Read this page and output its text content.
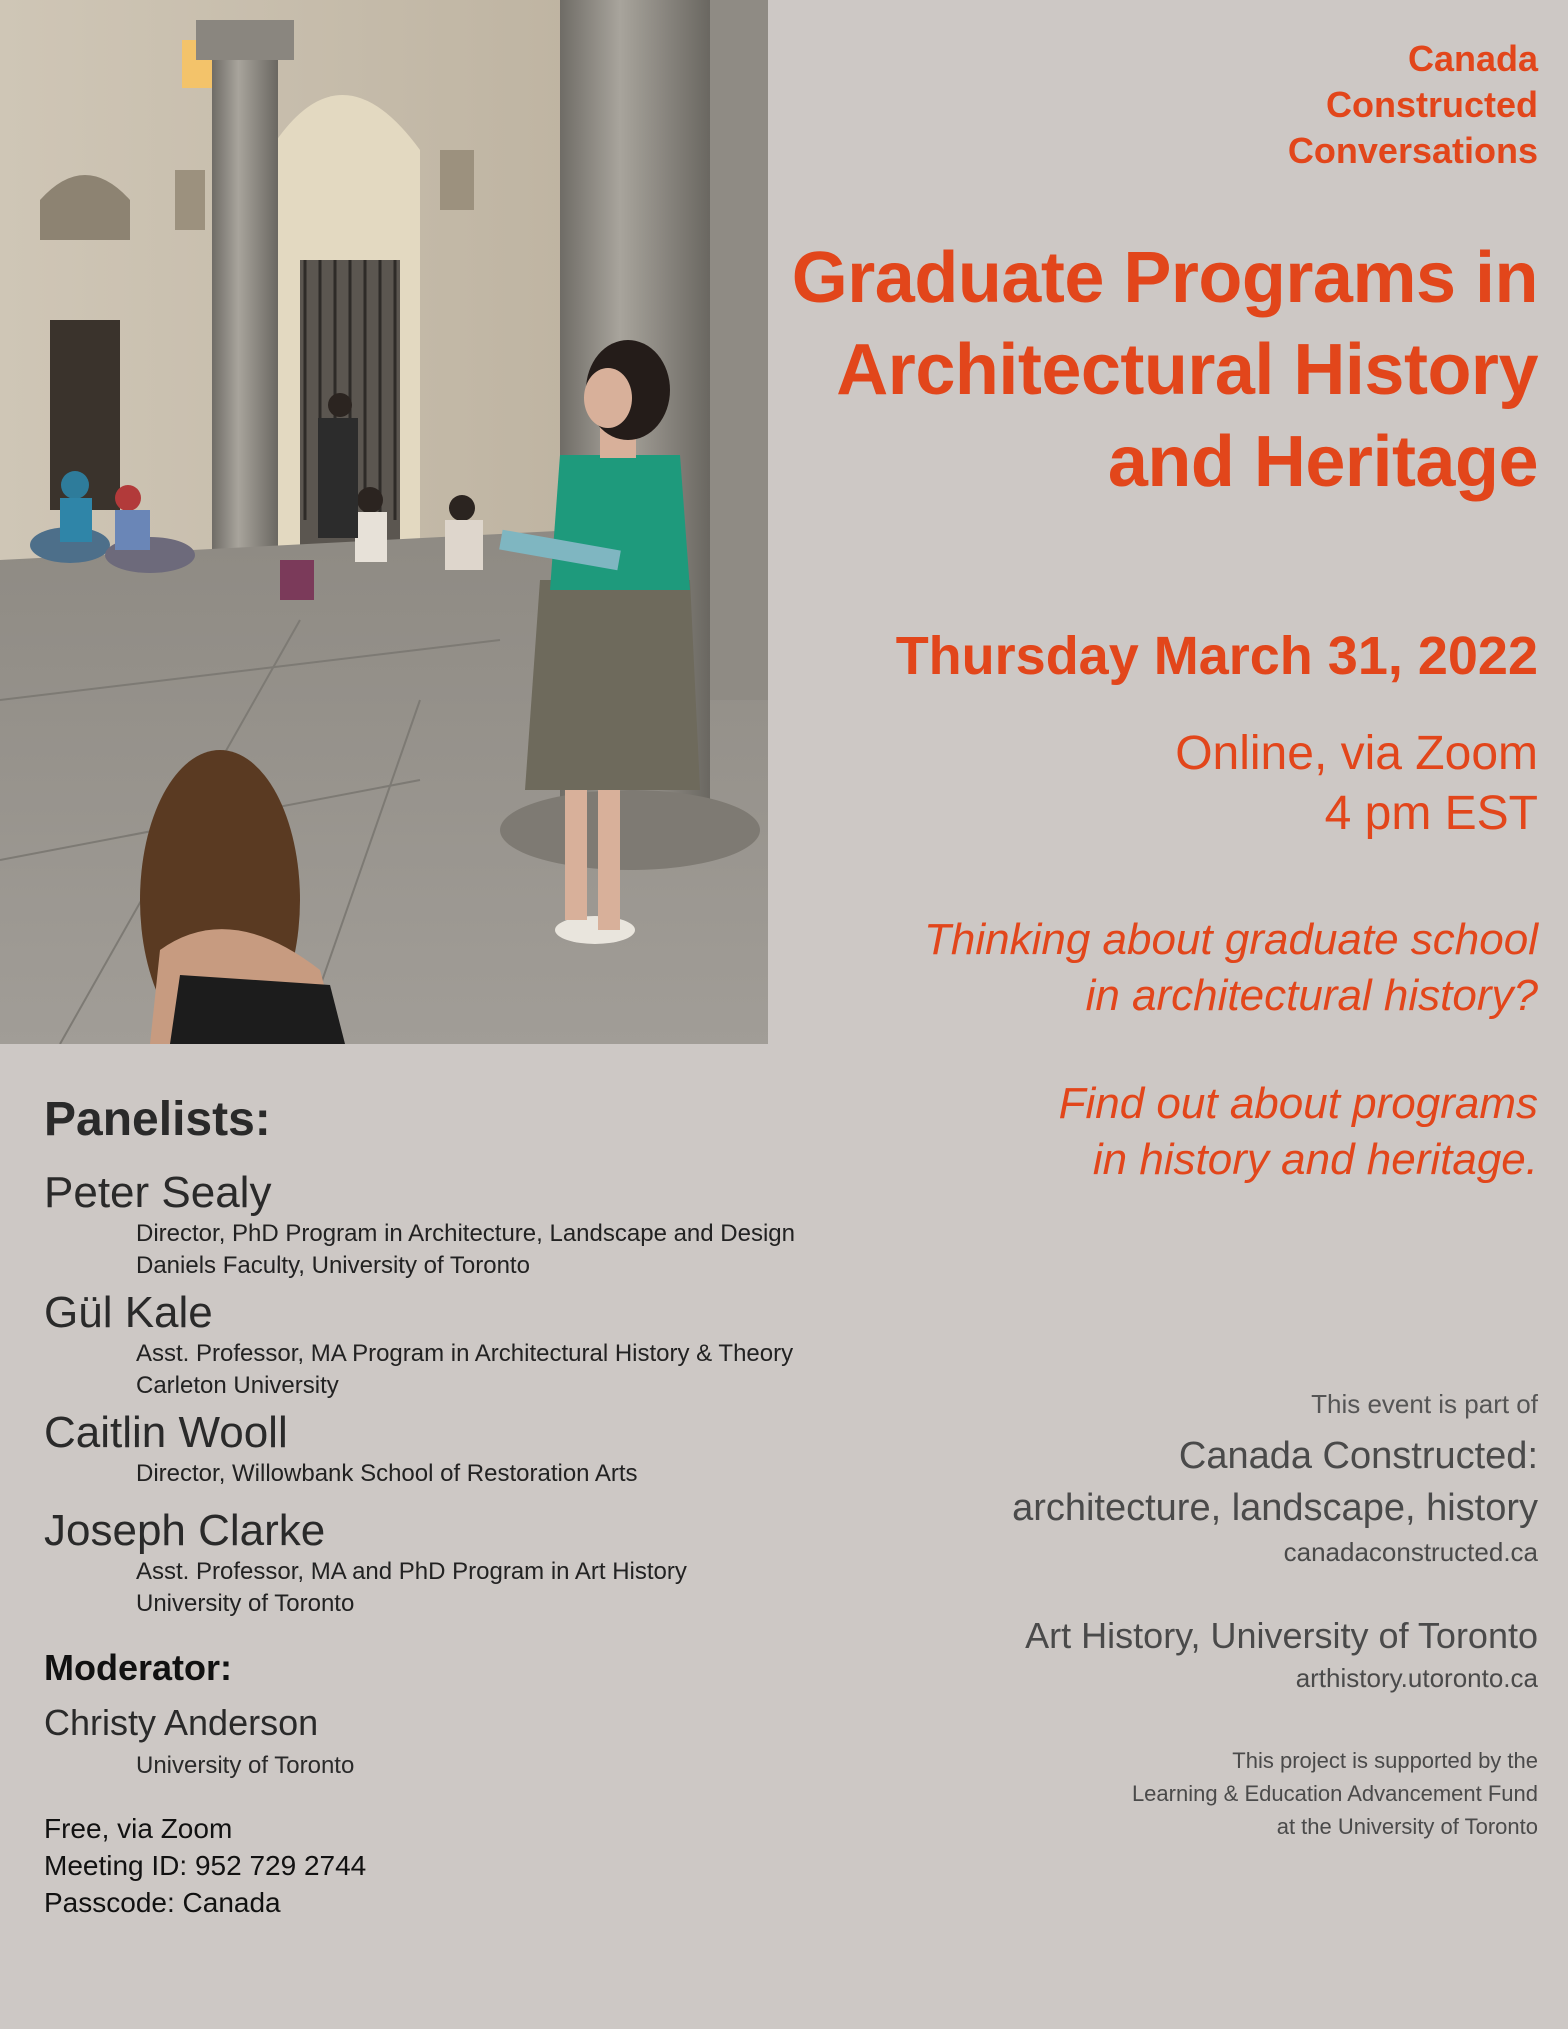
Canada
Constructed
Conversations
Graduate Programs in
Architectural History
and Heritage
Thursday March 31, 2022
Online, via Zoom
4 pm EST

Thinking about graduate school
in architectural history?

Find out about programs
in history and heritage.

Panelists:
Peter Sealy
Director, PhD Program in Architecture, Landscape and Design
Daniels Faculty, University of Toronto
Gül Kale
Asst. Professor, MA Program in Architectural History & Theory
Carleton University
Caitlin Wooll
Director, Willowbank School of Restoration Arts
Joseph Clarke
Asst. Professor, MA and PhD Program in Art History
University of Toronto
Moderator:
Christy Anderson
University of Toronto
Free, via Zoom
Meeting ID: 952 729 2744
Passcode: Canada
This event is part of
Canada Constructed:
architecture, landscape, history
canadaconstructed.ca
Art History, University of Toronto
arthistory.utoronto.ca
This project is supported by the
Learning & Education Advancement Fund
at the University of Toronto
